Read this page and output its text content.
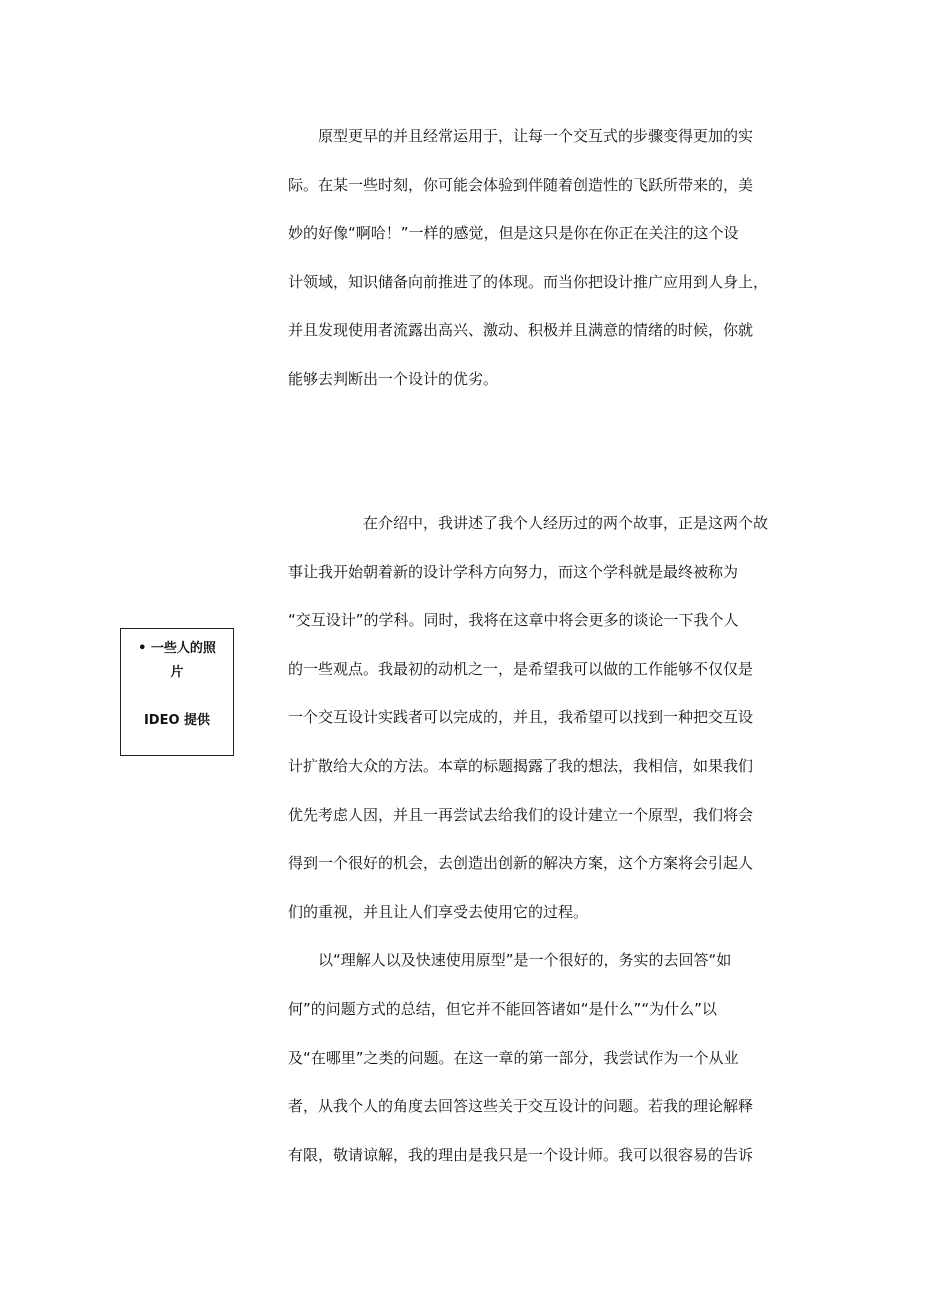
　　原型更早的并且经常运用于，让每一个交互式的步骤变得更加的实
际。在某一些时刻，你可能会体验到伴随着创造性的飞跃所带来的，美
妙的好像“啊哈！”一样的感觉，但是这只是你在你正在关注的这个设
计领域，知识储备向前推进了的体现。而当你把设计推广应用到人身上，
并且发现使用者流露出高兴、激动、积极并且满意的情绪的时候，你就
能够去判断出一个设计的优劣。
• 一些人的照
片
IDEO 提供
　　　　　在介绍中，我讲述了我个人经历过的两个故事，正是这两个故
事让我开始朝着新的设计学科方向努力，而这个学科就是最终被称为
“交互设计”的学科。同时，我将在这章中将会更多的谈论一下我个人
的一些观点。我最初的动机之一，是希望我可以做的工作能够不仅仅是
一个交互设计实践者可以完成的，并且，我希望可以找到一种把交互设
计扩散给大众的方法。本章的标题揭露了我的想法，我相信，如果我们
优先考虑人因，并且一再尝试去给我们的设计建立一个原型，我们将会
得到一个很好的机会，去创造出创新的解决方案，这个方案将会引起人
们的重视，并且让人们享受去使用它的过程。
　　以“理解人以及快速使用原型”是一个很好的，务实的去回答“如
何”的问题方式的总结，但它并不能回答诸如“是什么”“为什么”以
及“在哪里”之类的问题。在这一章的第一部分，我尝试作为一个从业
者，从我个人的角度去回答这些关于交互设计的问题。若我的理论解释
有限，敬请谅解，我的理由是我只是一个设计师。我可以很容易的告诉
